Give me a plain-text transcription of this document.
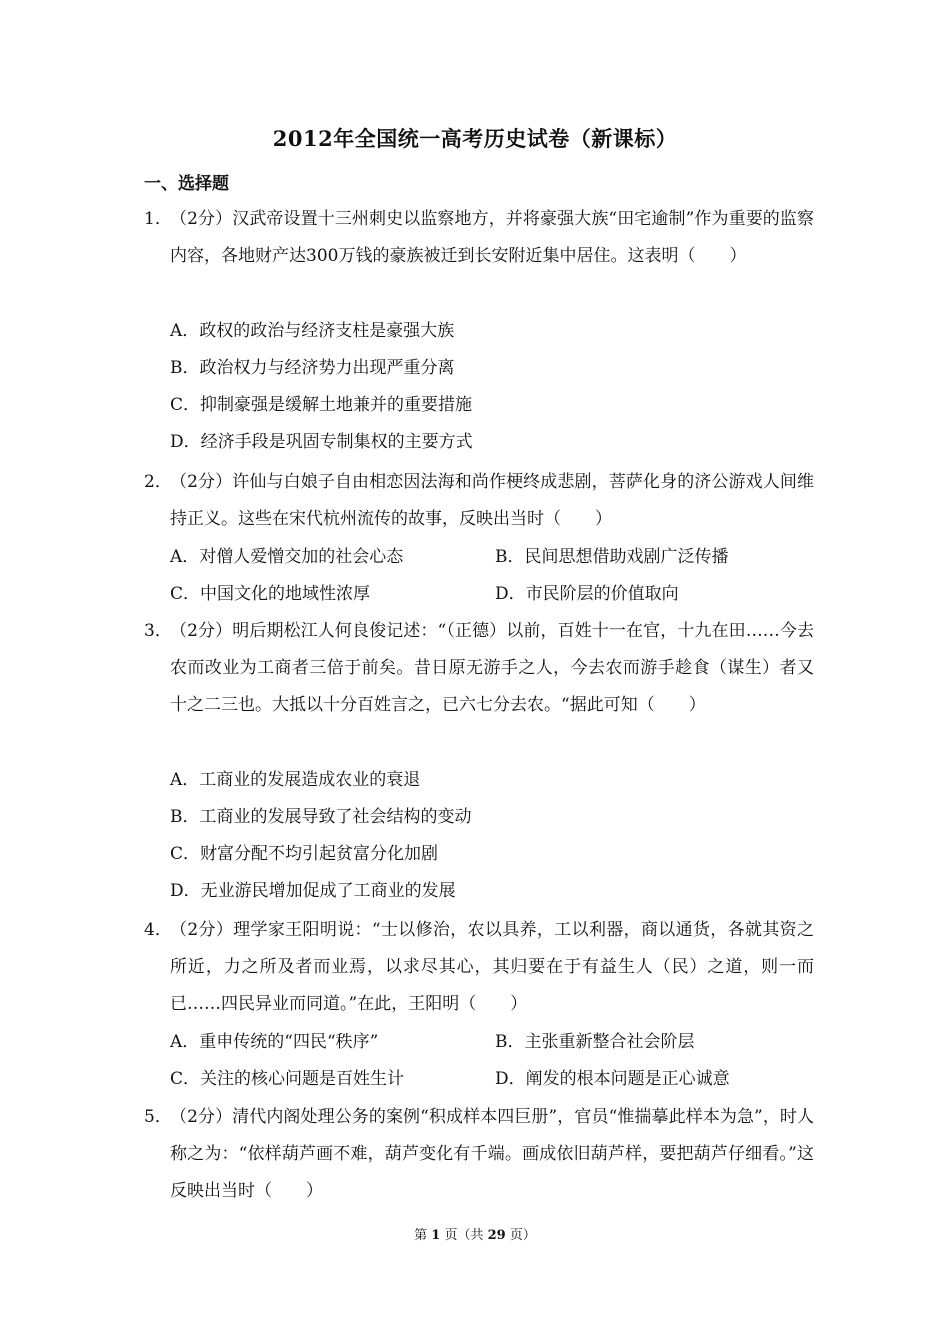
2012年全国统一高考历史试卷（新课标）
一、选择题
1．
（2分）汉武帝设置十三州刺史以监察地方，并将豪强大族“田宅逾制”作为重要的监察内容，各地财产达300万钱的豪族被迁到长安附近集中居住。这表明（　　）
A．政权的政治与经济支柱是豪强大族
B．政治权力与经济势力出现严重分离
C．抑制豪强是缓解土地兼并的重要措施
D．经济手段是巩固专制集权的主要方式
2．
（2分）许仙与白娘子自由相恋因法海和尚作梗终成悲剧，菩萨化身的济公游戏人间维持正义。这些在宋代杭州流传的故事，反映出当时（　　）
A．对僧人爱憎交加的社会心态	B．民间思想借助戏剧广泛传播
C．中国文化的地域性浓厚	D．市民阶层的价值取向
3．
（2分）明后期松江人何良俊记述：“（正德）以前，百姓十一在官，十九在田……今去农而改业为工商者三倍于前矣。昔日原无游手之人，今去农而游手趁食（谋生）者又十之二三也。大抵以十分百姓言之，已六七分去农。“据此可知（　　）
A．工商业的发展造成农业的衰退
B．工商业的发展导致了社会结构的变动
C．财富分配不均引起贫富分化加剧
D．无业游民增加促成了工商业的发展
4．
（2分）理学家王阳明说：“士以修治，农以具养，工以利器，商以通货，各就其资之所近，力之所及者而业焉，以求尽其心，其归要在于有益生人（民）之道，则一而已……四民异业而同道。”在此，王阳明（　　）
A．重申传统的“四民“秩序”	B．主张重新整合社会阶层
C．关注的核心问题是百姓生计	D．阐发的根本问题是正心诚意
5．
（2分）清代内阁处理公务的案例“积成样本四巨册”，官员“惟揣摹此样本为急”，时人称之为：“依样葫芦画不难，葫芦变化有千端。画成依旧葫芦样，要把葫芦仔细看。”这反映出当时（　　）
第 1 页（共 29 页）
